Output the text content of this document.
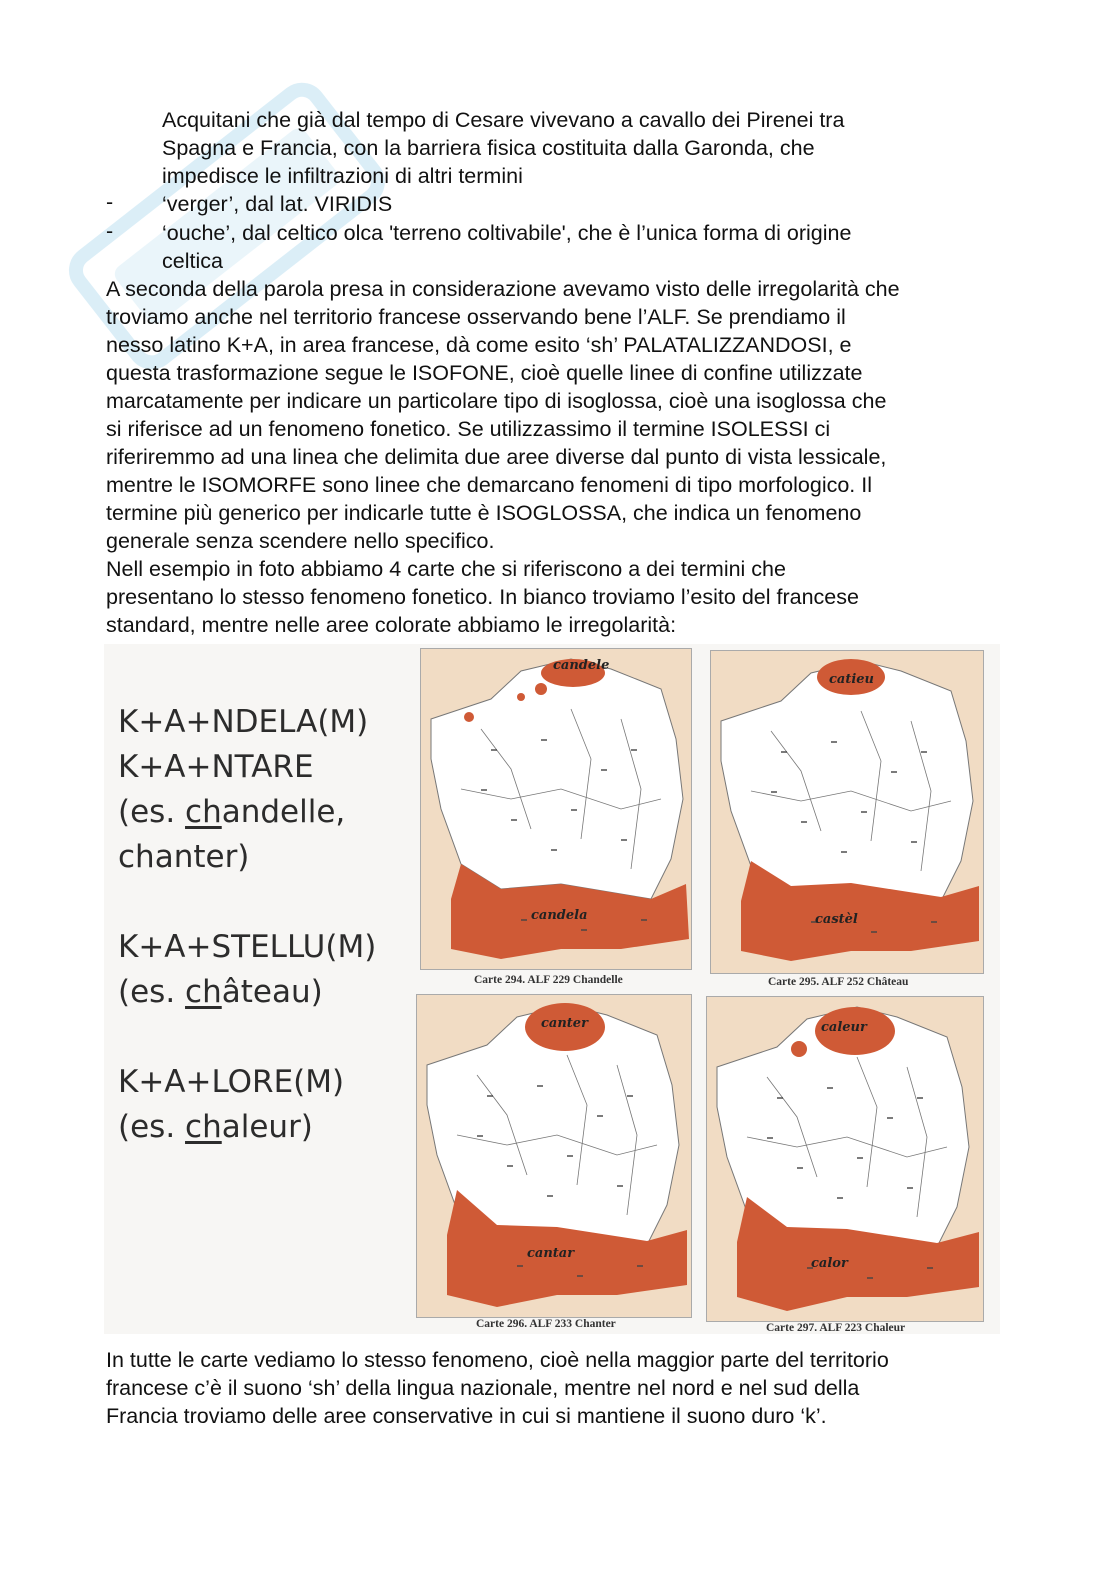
Acquitani che già dal tempo di Cesare vivevano a cavallo dei Pirenei tra

Spagna e Francia, con la barriera fisica costituita dalla Garonda, che

impedisce le infiltrazioni di altri termini

- ‘verger’, dal lat. VIRIDIS

- ‘ouche’, dal celtico olca 'terreno coltivabile', che è l’unica forma di origine

celtica

A seconda della parola presa in considerazione avevamo visto delle irregolarità che

troviamo anche nel territorio francese osservando bene l’ALF. Se prendiamo il

nesso latino K+A, in area francese, dà come esito ‘sh’ PALATALIZZANDOSI, e

questa trasformazione segue le ISOFONE, cioè quelle linee di confine utilizzate

marcatamente per indicare un particolare tipo di isoglossa, cioè una isoglossa che

si riferisce ad un fenomeno fonetico. Se utilizzassimo il termine ISOLESSI ci

riferiremmo ad una linea che delimita due aree diverse dal punto di vista lessicale,

mentre le ISOMORFE sono linee che demarcano fenomeni di tipo morfologico. Il

termine più generico per indicarle tutte è ISOGLOSSA, che indica un fenomeno

generale senza scendere nello specifico.

Nell esempio in foto abbiamo 4 carte che si riferiscono a dei termini che

presentano lo stesso fenomeno fonetico. In bianco troviamo l’esito del francese

standard, mentre nelle aree colorate abbiamo le irregolarità:

K+A+NDELA(M)
K+A+NTARE
(es. chandelle,
chanter)
K+A+STELLU(M)
(es. château)
K+A+LORE(M)
(es. chaleur)
candele
candela
Carte 294. ALF 229 Chandelle
catieu
castèl
Carte 295. ALF 252 Château
canter
cantar
Carte 296. ALF 233 Chanter
caleur
calor
Carte 297. ALF 223 Chaleur

In tutte le carte vediamo lo stesso fenomeno, cioè nella maggior parte del territorio

francese c’è il suono ‘sh’ della lingua nazionale, mentre nel nord e nel sud della

Francia troviamo delle aree conservative in cui si mantiene il suono duro ‘k’.
